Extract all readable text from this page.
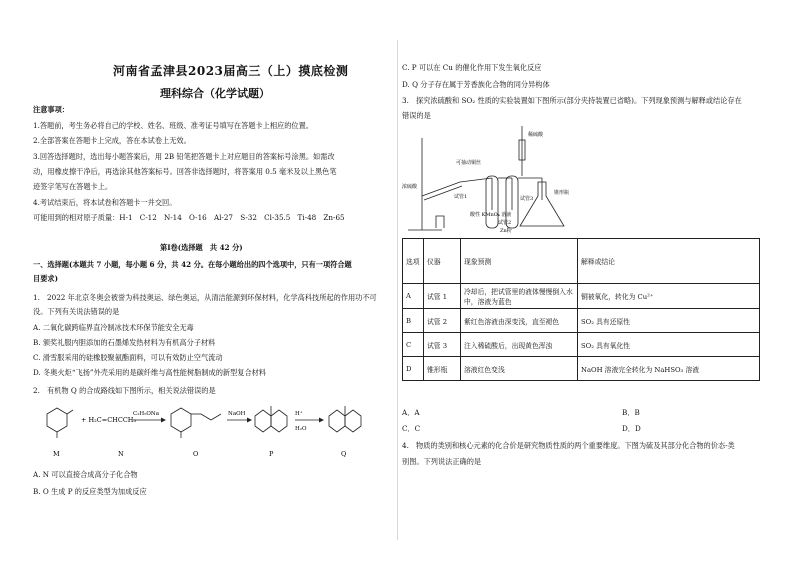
河南省孟津县2023届高三（上）摸底检测
理科综合（化学试题）
注意事项：
1.答题前，考生务必将自己的学校、姓名、班级、准考证号填写在答题卡上相应的位置。
2.全部答案在答题卡上完成，答在本试卷上无效。
3.回答选择题时，选出每小题答案后，用 2B 铅笔把答题卡上对应题目的答案标号涂黑。如需改
动，用橡皮擦干净后，再选涂其他答案标号。回答非选择题时，将答案用 0.5 毫米及以上黑色笔
迹签字笔写在答题卡上。
4.考试结束后，将本试卷和答题卡一并交回。
可能用到的相对原子质量：H-1　C-12　N-14　O-16　Al-27　S-32　Cl-35.5　Ti-48　Zn-65
第Ⅰ卷(选择题　共 42 分)
一、选择题(本题共 7 小题，每小题 6 分，共 42 分。在每小题给出的四个选项中，只有一项符合题
目要求)
1.　2022 年北京冬奥会被誉为科技奥运、绿色奥运，从清洁能源到环保材料，化学高科技所起的作用功不可
没。下列有关说法错误的是
A. 二氧化碳跨临界直冷制冰技术环保节能安全无毒
B. 颁奖礼服内胆添加的石墨烯发热材料为有机高分子材料
C. 滑雪服采用的硅橡胶聚氨酯面料，可以有效防止空气流动
D. 冬奥火炬“飞扬”外壳采用的是碳纤维与高性能树脂制成的新型复合材料
2.　有机物 Q 的合成路线如下图所示，相关说法错误的是
M
+ H₂C=CHCCH₃
N
C₂H₅ONa
O
NaOH
P
H⁺
H₂O
Q
A. N 可以直接合成高分子化合物
B. O 生成 P 的反应类型为加成反应
C. P 可以在 Cu 的催化作用下发生氧化反应
D. Q 分子存在属于芳香族化合物的同分异构体
3.　探究浓硫酸和 SO₂ 性质的实验装置如下图所示(部分夹持装置已省略)。下列现象预测与解释或结论存在
错误的是
可抽动铜丝
浓硫酸
试管1
酸性 KMnO₄ 溶液
试管2
Zn粉
稀硫酸
试管3
锥形瓶
选项	仪器	现象预测	解释或结论
A	试管 1	冷却后，把试管里的液体慢慢倒入水中，溶液为蓝色	铜被氧化，转化为 Cu²⁺
B	试管 2	紫红色溶液由深变浅，直至褪色	SO₂ 具有还原性
C	试管 3	注入稀硫酸后，出现黄色浑浊	SO₂ 具有氧化性
D	锥形瓶	溶液红色变浅	NaOH 溶液完全转化为 NaHSO₃ 溶液
A．A	B．B
C．C	D．D
4.　物质的类别和核心元素的化合价是研究物质性质的两个重要维度。下图为硫及其部分化合物的价态-类
别图。下列说法正确的是
